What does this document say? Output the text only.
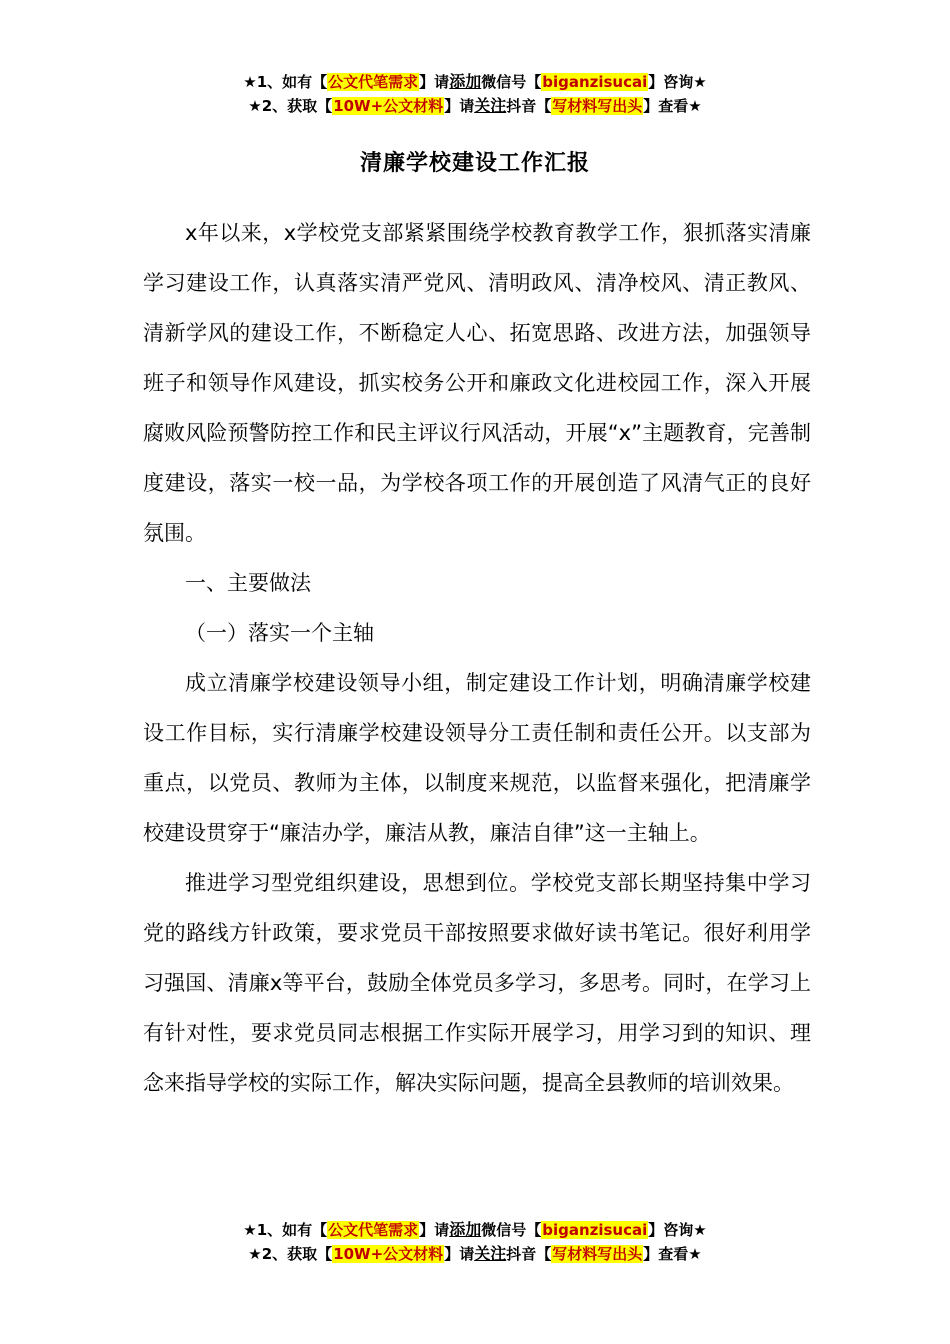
★1、如有【公文代笔需求】请添加微信号【biganzisucai】咨询★
★2、获取【10W+公文材料】请关注抖音【写材料写出头】查看★
清廉学校建设工作汇报

x年以来，x学校党支部紧紧围绕学校教育教学工作，狠抓落实清廉学习建设工作，认真落实清严党风、清明政风、清净校风、清正教风、清新学风的建设工作，不断稳定人心、拓宽思路、改进方法，加强领导班子和领导作风建设，抓实校务公开和廉政文化进校园工作，深入开展腐败风险预警防控工作和民主评议行风活动，开展“x”主题教育，完善制度建设，落实一校一品，为学校各项工作的开展创造了风清气正的良好氛围。

一、主要做法

（一）落实一个主轴

成立清廉学校建设领导小组，制定建设工作计划，明确清廉学校建设工作目标，实行清廉学校建设领导分工责任制和责任公开。以支部为重点，以党员、教师为主体，以制度来规范，以监督来强化，把清廉学校建设贯穿于“廉洁办学，廉洁从教，廉洁自律”这一主轴上。

推进学习型党组织建设，思想到位。学校党支部长期坚持集中学习党的路线方针政策，要求党员干部按照要求做好读书笔记。很好利用学习强国、清廉x等平台，鼓励全体党员多学习，多思考。同时，在学习上有针对性，要求党员同志根据工作实际开展学习，用学习到的知识、理念来指导学校的实际工作，解决实际问题，提高全县教师的培训效果。

★1、如有【公文代笔需求】请添加微信号【biganzisucai】咨询★
★2、获取【10W+公文材料】请关注抖音【写材料写出头】查看★
